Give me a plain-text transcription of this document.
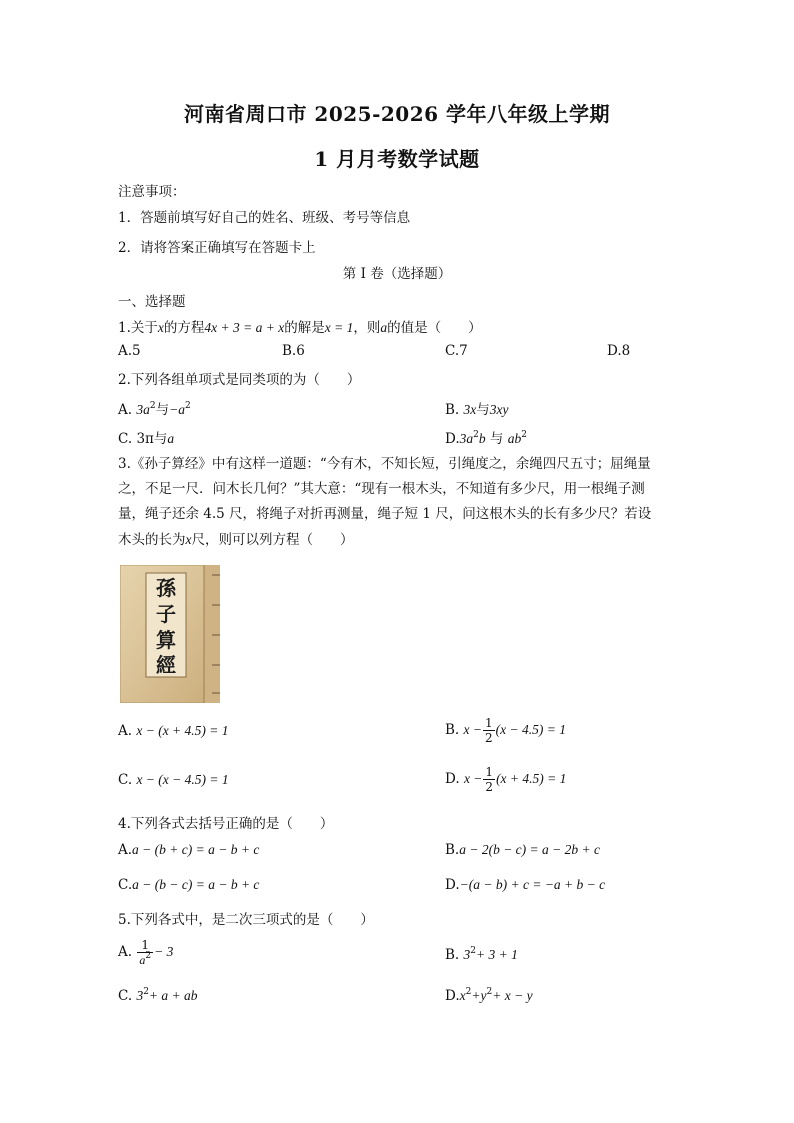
河南省周口市 2025-2026 学年八年级上学期
1 月月考数学试题
注意事项：
1．答题前填写好自己的姓名、班级、考号等信息
2．请将答案正确填写在答题卡上
第 I 卷（选择题）
一、选择题
1.关于x的方程4x + 3 = a + x的解是x = 1，则a的值是（　　）
A.5	B.6	C.7	D.8
2.下列各组单项式是同类项的为（　　）
A. $3a^2$与$-a^2$	B. 3x与3xy
C. 3π与a	$D.3a^2b$ 与 $ab^2$
3.《孙子算经》中有这样一道题：“今有木，不知长短，引绳度之，余绳四尺五寸；屈绳量
之，不足一尺．问木长几何？”其大意：“现有一根木头，不知道有多少尺，用一根绳子测
量，绳子还余 4.5 尺，将绳子对折再测量，绳子短 1 尺，问这根木头的长有多少尺？若设
木头的长为x尺，则可以列方程（　　）
孫
子
算
經
A. x − (x + 4.5) = 1	B. $x - \frac{1}{2} (x - 4.5) = 1$
C. x − (x − 4.5) = 1	D. $x - \frac{1}{2} (x + 4.5) = 1$
4.下列各式去括号正确的是（　　）
A.a − (b + c) = a − b + c	B.a − 2(b − c) = a − 2b + c
C.a − (b − c) = a − b + c	D.−(a − b) + c = −a + b − c
5.下列各式中，是二次三项式的是（　　）
A. $\frac{1}{a^2} - 3$	B. $3^2+ 3 + 1$
C. $3^2+ a$ + ab	$D.x^2+y^2+ x - y$
